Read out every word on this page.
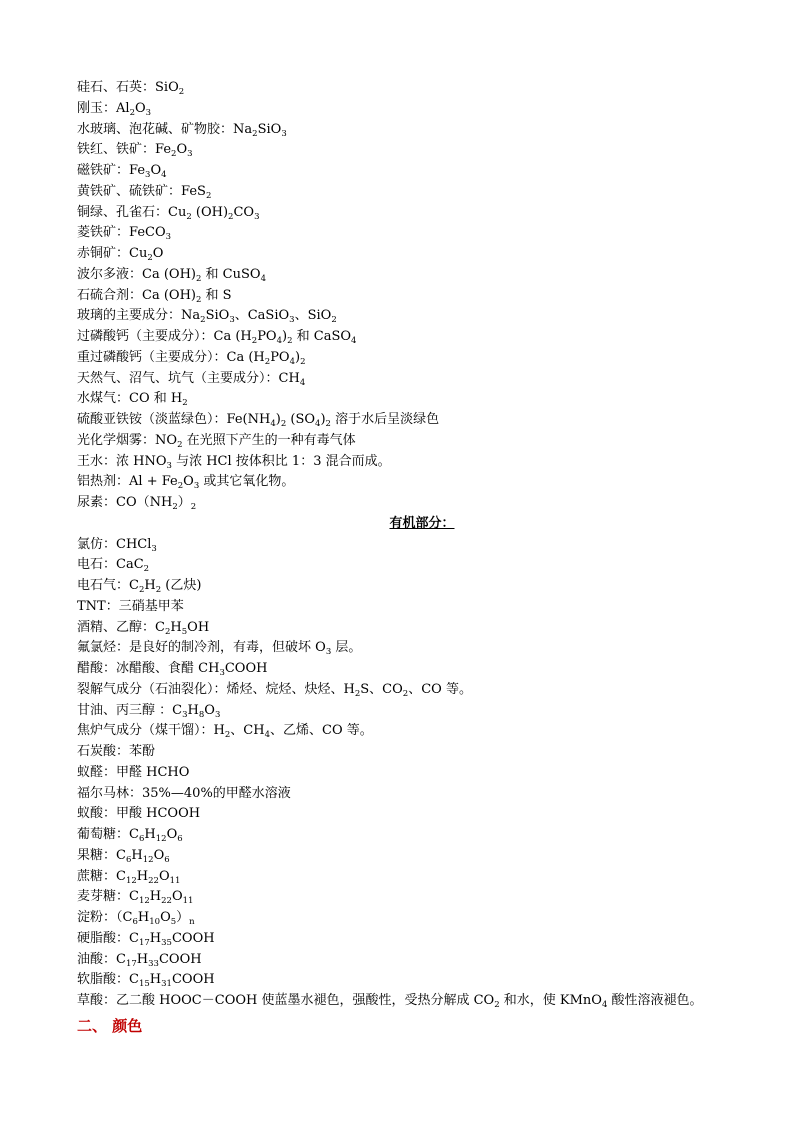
硅石、石英：SiO$_2$
刚玉：$Al_2O_3$
水玻璃、泡花碱、矿物胶：$Na_2SiO_3$
铁红、铁矿：$Fe_2O_3$
磁铁矿：$Fe_3O_4$
黄铁矿、硫铁矿：FeS$_2$
铜绿、孔雀石：$Cu_2$ $(OH)_2CO_3$
菱铁矿：FeCO$_3$
赤铜矿：$Cu_2O$
波尔多液：Ca $(OH)_2$ 和 CuSO$_4$
石硫合剂：Ca $(OH)_2$ 和 S
玻璃的主要成分：$Na_2SiO_3$、CaSiO$_3$、SiO$_2$
过磷酸钙（主要成分）：Ca $(H_2PO_4)_2$ 和 CaSO$_4$
重过磷酸钙（主要成分）：Ca $(H_2PO_4)_2$
天然气、沼气、坑气（主要成分）：$CH_4$
水煤气：CO 和 $H_2$
硫酸亚铁铵（淡蓝绿色）：$Fe(NH_4)_2$ $(SO_4)_2$ 溶于水后呈淡绿色
光化学烟雾：$NO_2$ 在光照下产生的一种有毒气体
王水：浓 $HNO_3$ 与浓 HCl 按体积比 1：3 混合而成。
铝热剂：$Al + Fe_2O_3$ 或其它氧化物。
尿素：$CO(NH_2)_2$
有机部分：
氯仿：CHCl$_3$
电石：CaC$_2$
电石气：$C_2H_2$ (乙炔)
TNT：三硝基甲苯
酒精、乙醇：$C_2H_5OH$
氟氯烃：是良好的制冷剂，有毒，但破坏 $O_3$ 层。
醋酸：冰醋酸、食醋 $CH_3COOH$
裂解气成分（石油裂化）：烯烃、烷烃、炔烃、$H_2S$、$CO_2$、CO 等。
甘油、丙三醇 ：$C_3H_8O_3$
焦炉气成分（煤干馏）：$H_2$、$CH_4$、乙烯、CO 等。
石炭酸：苯酚
蚁醛：甲醛 HCHO
福尔马林：35%—40%的甲醛水溶液
蚁酸：甲酸 HCOOH
葡萄糖：$C_6H_{12}O_6$
果糖：$C_6H_{12}O_6$
蔗糖：$C_{12}H_{22}O_{11}$
麦芽糖：$C_{12}H_{22}O_{11}$
淀粉：$(C_6H_{10}O_5)_n$
硬脂酸：$C_{17}H_{35}COOH$
油酸：$C_{17}H_{33}COOH$
软脂酸：$C_{15}H_{31}COOH$
草酸：乙二酸 HOOC－COOH 使蓝墨水褪色，强酸性，受热分解成 $CO_2$ 和水，使 KMnO$_4$ 酸性溶液褪色。
二、 颜色
